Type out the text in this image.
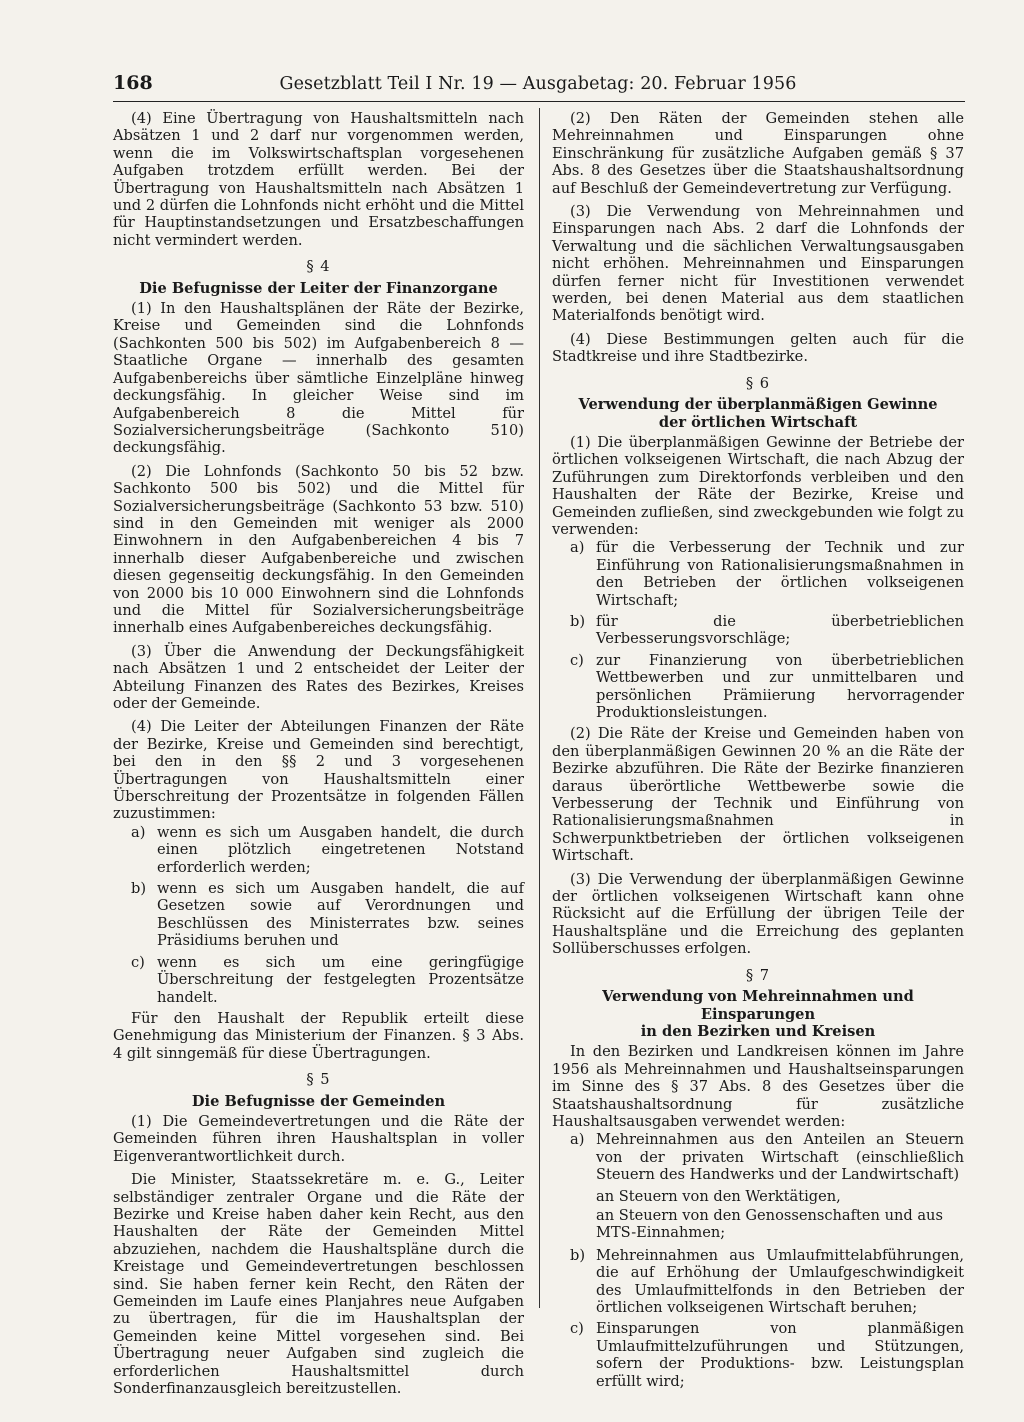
168	Gesetzblatt Teil I Nr. 19 — Ausgabetag: 20. Februar 1956

(4) Eine Übertragung von Haushaltsmitteln nach Absätzen 1 und 2 darf nur vorgenommen werden, wenn die im Volkswirtschaftsplan vorgesehenen Aufgaben trotzdem erfüllt werden. Bei der Übertragung von Haushaltsmitteln nach Absätzen 1 und 2 dürfen die Lohnfonds nicht erhöht und die Mittel für Hauptinstandsetzungen und Ersatzbeschaffungen nicht vermindert werden.

§ 4
Die Befugnisse der Leiter der Finanzorgane

(1) In den Haushaltsplänen der Räte der Bezirke, Kreise und Gemeinden sind die Lohnfonds (Sachkonten 500 bis 502) im Aufgabenbereich 8 — Staatliche Organe — innerhalb des gesamten Aufgabenbereichs über sämtliche Einzelpläne hinweg deckungsfähig. In gleicher Weise sind im Aufgabenbereich 8 die Mittel für Sozialversicherungsbeiträge (Sachkonto 510) deckungsfähig.

(2) Die Lohnfonds (Sachkonto 50 bis 52 bzw. Sachkonto 500 bis 502) und die Mittel für Sozialversicherungsbeiträge (Sachkonto 53 bzw. 510) sind in den Gemeinden mit weniger als 2000 Einwohnern in den Aufgabenbereichen 4 bis 7 innerhalb dieser Aufgabenbereiche und zwischen diesen gegenseitig deckungsfähig. In den Gemeinden von 2000 bis 10 000 Einwohnern sind die Lohnfonds und die Mittel für Sozialversicherungsbeiträge innerhalb eines Aufgabenbereiches deckungsfähig.

(3) Über die Anwendung der Deckungsfähigkeit nach Absätzen 1 und 2 entscheidet der Leiter der Abteilung Finanzen des Rates des Bezirkes, Kreises oder der Gemeinde.

(4) Die Leiter der Abteilungen Finanzen der Räte der Bezirke, Kreise und Gemeinden sind berechtigt, bei den in den §§ 2 und 3 vorgesehenen Übertragungen von Haushaltsmitteln einer Überschreitung der Prozentsätze in folgenden Fällen zuzustimmen:

a) wenn es sich um Ausgaben handelt, die durch einen plötzlich eingetretenen Notstand erforderlich werden;
b) wenn es sich um Ausgaben handelt, die auf Gesetzen sowie auf Verordnungen und Beschlüssen des Ministerrates bzw. seines Präsidiums beruhen und
c) wenn es sich um eine geringfügige Überschreitung der festgelegten Prozentsätze handelt.

Für den Haushalt der Republik erteilt diese Genehmigung das Ministerium der Finanzen. § 3 Abs. 4 gilt sinngemäß für diese Übertragungen.

§ 5
Die Befugnisse der Gemeinden

(1) Die Gemeindevertretungen und die Räte der Gemeinden führen ihren Haushaltsplan in voller Eigenverantwortlichkeit durch.

Die Minister, Staatssekretäre m. e. G., Leiter selbständiger zentraler Organe und die Räte der Bezirke und Kreise haben daher kein Recht, aus den Haushalten der Räte der Gemeinden Mittel abzuziehen, nachdem die Haushaltspläne durch die Kreistage und Gemeindevertretungen beschlossen sind. Sie haben ferner kein Recht, den Räten der Gemeinden im Laufe eines Planjahres neue Aufgaben zu übertragen, für die im Haushaltsplan der Gemeinden keine Mittel vorgesehen sind. Bei Übertragung neuer Aufgaben sind zugleich die erforderlichen Haushaltsmittel durch Sonderfinanzausgleich bereitzustellen.

(2) Den Räten der Gemeinden stehen alle Mehreinnahmen und Einsparungen ohne Einschränkung für zusätzliche Aufgaben gemäß § 37 Abs. 8 des Gesetzes über die Staatshaushaltsordnung auf Beschluß der Gemeindevertretung zur Verfügung.

(3) Die Verwendung von Mehreinnahmen und Einsparungen nach Abs. 2 darf die Lohnfonds der Verwaltung und die sächlichen Verwaltungsausgaben nicht erhöhen. Mehreinnahmen und Einsparungen dürfen ferner nicht für Investitionen verwendet werden, bei denen Material aus dem staatlichen Materialfonds benötigt wird.

(4) Diese Bestimmungen gelten auch für die Stadtkreise und ihre Stadtbezirke.

§ 6
Verwendung der überplanmäßigen Gewinne
der örtlichen Wirtschaft

(1) Die überplanmäßigen Gewinne der Betriebe der örtlichen volkseigenen Wirtschaft, die nach Abzug der Zuführungen zum Direktorfonds verbleiben und den Haushalten der Räte der Bezirke, Kreise und Gemeinden zufließen, sind zweckgebunden wie folgt zu verwenden:

a) für die Verbesserung der Technik und zur Einführung von Rationalisierungsmaßnahmen in den Betrieben der örtlichen volkseigenen Wirtschaft;
b) für die überbetrieblichen Verbesserungsvorschläge;
c) zur Finanzierung von überbetrieblichen Wettbewerben und zur unmittelbaren und persönlichen Prämiierung hervorragender Produktionsleistungen.

(2) Die Räte der Kreise und Gemeinden haben von den überplanmäßigen Gewinnen 20 % an die Räte der Bezirke abzuführen. Die Räte der Bezirke finanzieren daraus überörtliche Wettbewerbe sowie die Verbesserung der Technik und Einführung von Rationalisierungsmaßnahmen in Schwerpunktbetrieben der örtlichen volkseigenen Wirtschaft.

(3) Die Verwendung der überplanmäßigen Gewinne der örtlichen volkseigenen Wirtschaft kann ohne Rücksicht auf die Erfüllung der übrigen Teile der Haushaltspläne und die Erreichung des geplanten Sollüberschusses erfolgen.

§ 7
Verwendung von Mehreinnahmen und Einsparungen
in den Bezirken und Kreisen

In den Bezirken und Landkreisen können im Jahre 1956 als Mehreinnahmen und Haushaltseinsparungen im Sinne des § 37 Abs. 8 des Gesetzes über die Staatshaushaltsordnung für zusätzliche Haushaltsausgaben verwendet werden:

a) Mehreinnahmen aus den Anteilen an Steuern von der privaten Wirtschaft (einschließlich Steuern des Handwerks und der Landwirtschaft)
an Steuern von den Werktätigen,
an Steuern von den Genossenschaften und aus MTS-Einnahmen;
b) Mehreinnahmen aus Umlaufmittelabführungen, die auf Erhöhung der Umlaufgeschwindigkeit des Umlaufmittelfonds in den Betrieben der örtlichen volkseigenen Wirtschaft beruhen;
c) Einsparungen von planmäßigen Umlaufmittelzuführungen und Stützungen, sofern der Produktions- bzw. Leistungsplan erfüllt wird;
